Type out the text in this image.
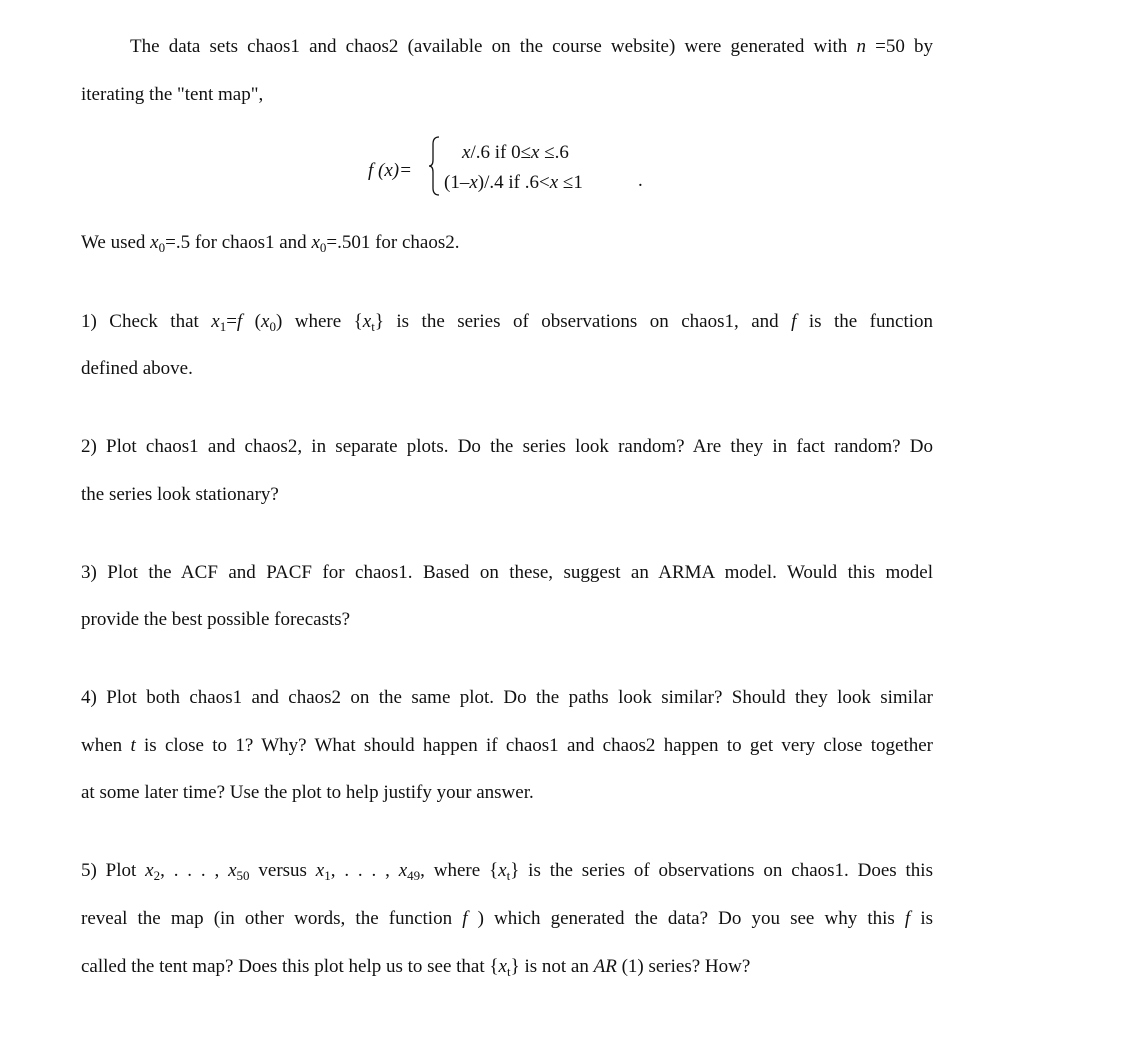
The data sets chaos1 and chaos2 (available on the course website) were generated with n =50 by
iterating the "tent map",
f (x)=
x/.6 if 0≤x ≤.6
(1–x)/.4 if .6<x ≤1	.
We used $x_0=.5$ for chaos1 and $x_0=.501$ for chaos2.
1) Check that $x_1=f$ $(x_0)$ where $\{x_t\}$ is the series of observations on chaos1, and f is the function
defined above.
2) Plot chaos1 and chaos2, in separate plots. Do the series look random? Are they in fact random? Do
the series look stationary?
3) Plot the ACF and PACF for chaos1. Based on these, suggest an ARMA model. Would this model
provide the best possible forecasts?
4) Plot both chaos1 and chaos2 on the same plot. Do the paths look similar? Should they look similar
when t is close to 1? Why? What should happen if chaos1 and chaos2 happen to get very close together
at some later time? Use the plot to help justify your answer.
5) Plot $x_2$, . . . , $x_{50}$ versus $x_1$, . . . , $x_{49}$, where $\{x_t\}$ is the series of observations on chaos1. Does this
reveal the map (in other words, the function f ) which generated the data? Do you see why this f is
called the tent map? Does this plot help us to see that $\{x_t\}$ is not an AR (1) series? How?
